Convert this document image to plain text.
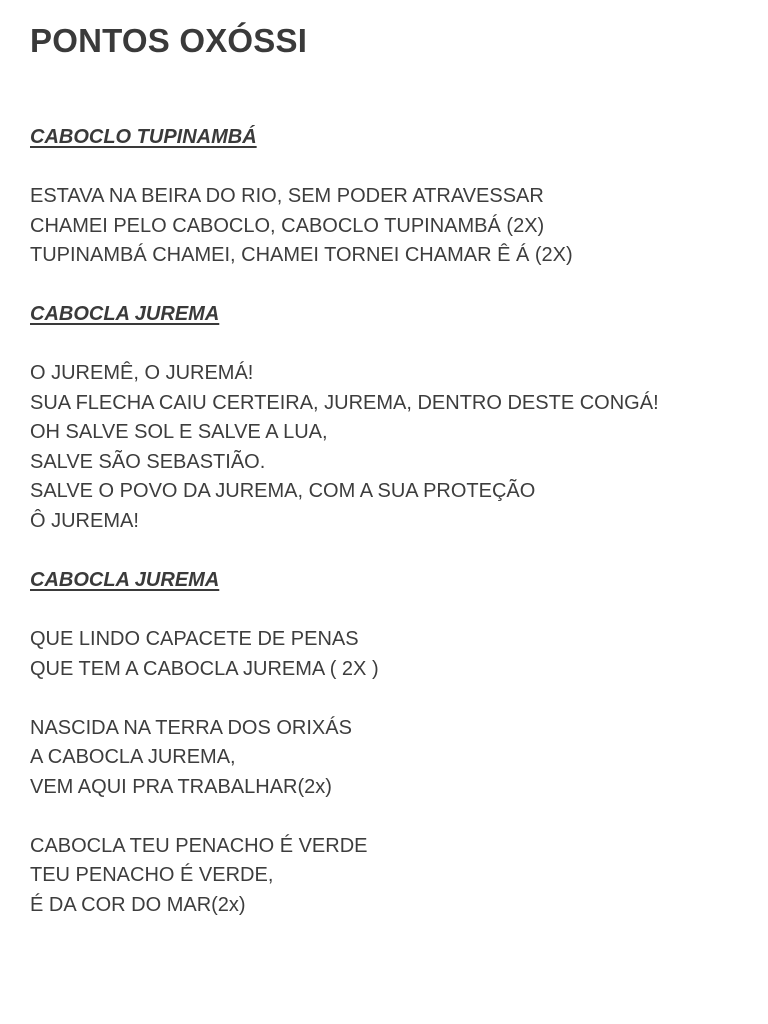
PONTOS OXÓSSI
CABOCLO TUPINAMBÁ
ESTAVA NA BEIRA DO RIO, SEM PODER ATRAVESSAR
CHAMEI PELO CABOCLO, CABOCLO TUPINAMBÁ (2X)
TUPINAMBÁ CHAMEI, CHAMEI TORNEI CHAMAR Ê Á (2X)
CABOCLA JUREMA
O JUREMÊ, O JUREMÁ!
SUA FLECHA CAIU CERTEIRA, JUREMA, DENTRO DESTE CONGÁ!
OH SALVE SOL E SALVE A LUA,
SALVE SÃO SEBASTIÃO.
SALVE O POVO DA JUREMA, COM A SUA PROTEÇÃO
Ô JUREMA!
CABOCLA JUREMA
QUE LINDO CAPACETE DE PENAS
QUE TEM A CABOCLA JUREMA ( 2X )
NASCIDA NA TERRA DOS ORIXÁS
A CABOCLA JUREMA,
VEM AQUI PRA TRABALHAR(2x)
CABOCLA TEU PENACHO É VERDE
TEU PENACHO É VERDE,
É DA COR DO MAR(2x)
